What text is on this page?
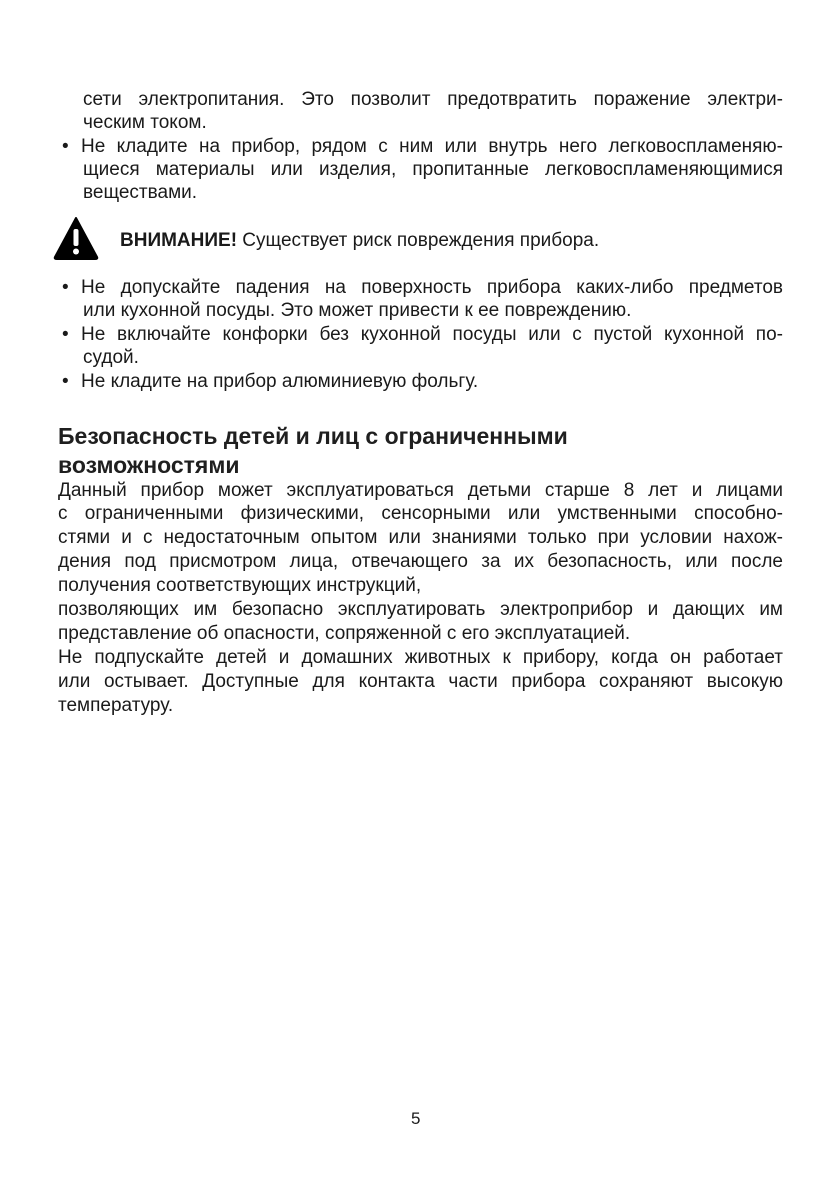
сети электропитания. Это позволит предотвратить поражение электри-
ческим током.
• Не кладите на прибор, рядом с ним или внутрь него легковоспламеняю-
щиеся материалы или изделия, пропитанные легковоспламеняющимися
веществами.
ВНИМАНИЕ! Существует риск повреждения прибора.
• Не допускайте падения на поверхность прибора каких-либо предметов
или кухонной посуды. Это может привести к ее повреждению.
• Не включайте конфорки без кухонной посуды или с пустой кухонной по-
судой.
• Не кладите на прибор алюминиевую фольгу.
Безопасность детей и лиц с ограниченными
возможностями
Данный прибор может эксплуатироваться детьми старше 8 лет и лицами
с ограниченными физическими, сенсорными или умственными способно-
стями и с недостаточным опытом или знаниями только при условии нахож-
дения под присмотром лица, отвечающего за их безопасность, или после
получения соответствующих инструкций,
позволяющих им безопасно эксплуатировать электроприбор и дающих им
представление об опасности, сопряженной с его эксплуатацией.
Не подпускайте детей и домашних животных к прибору, когда он работает
или остывает. Доступные для контакта части прибора сохраняют высокую
температуру.
5
